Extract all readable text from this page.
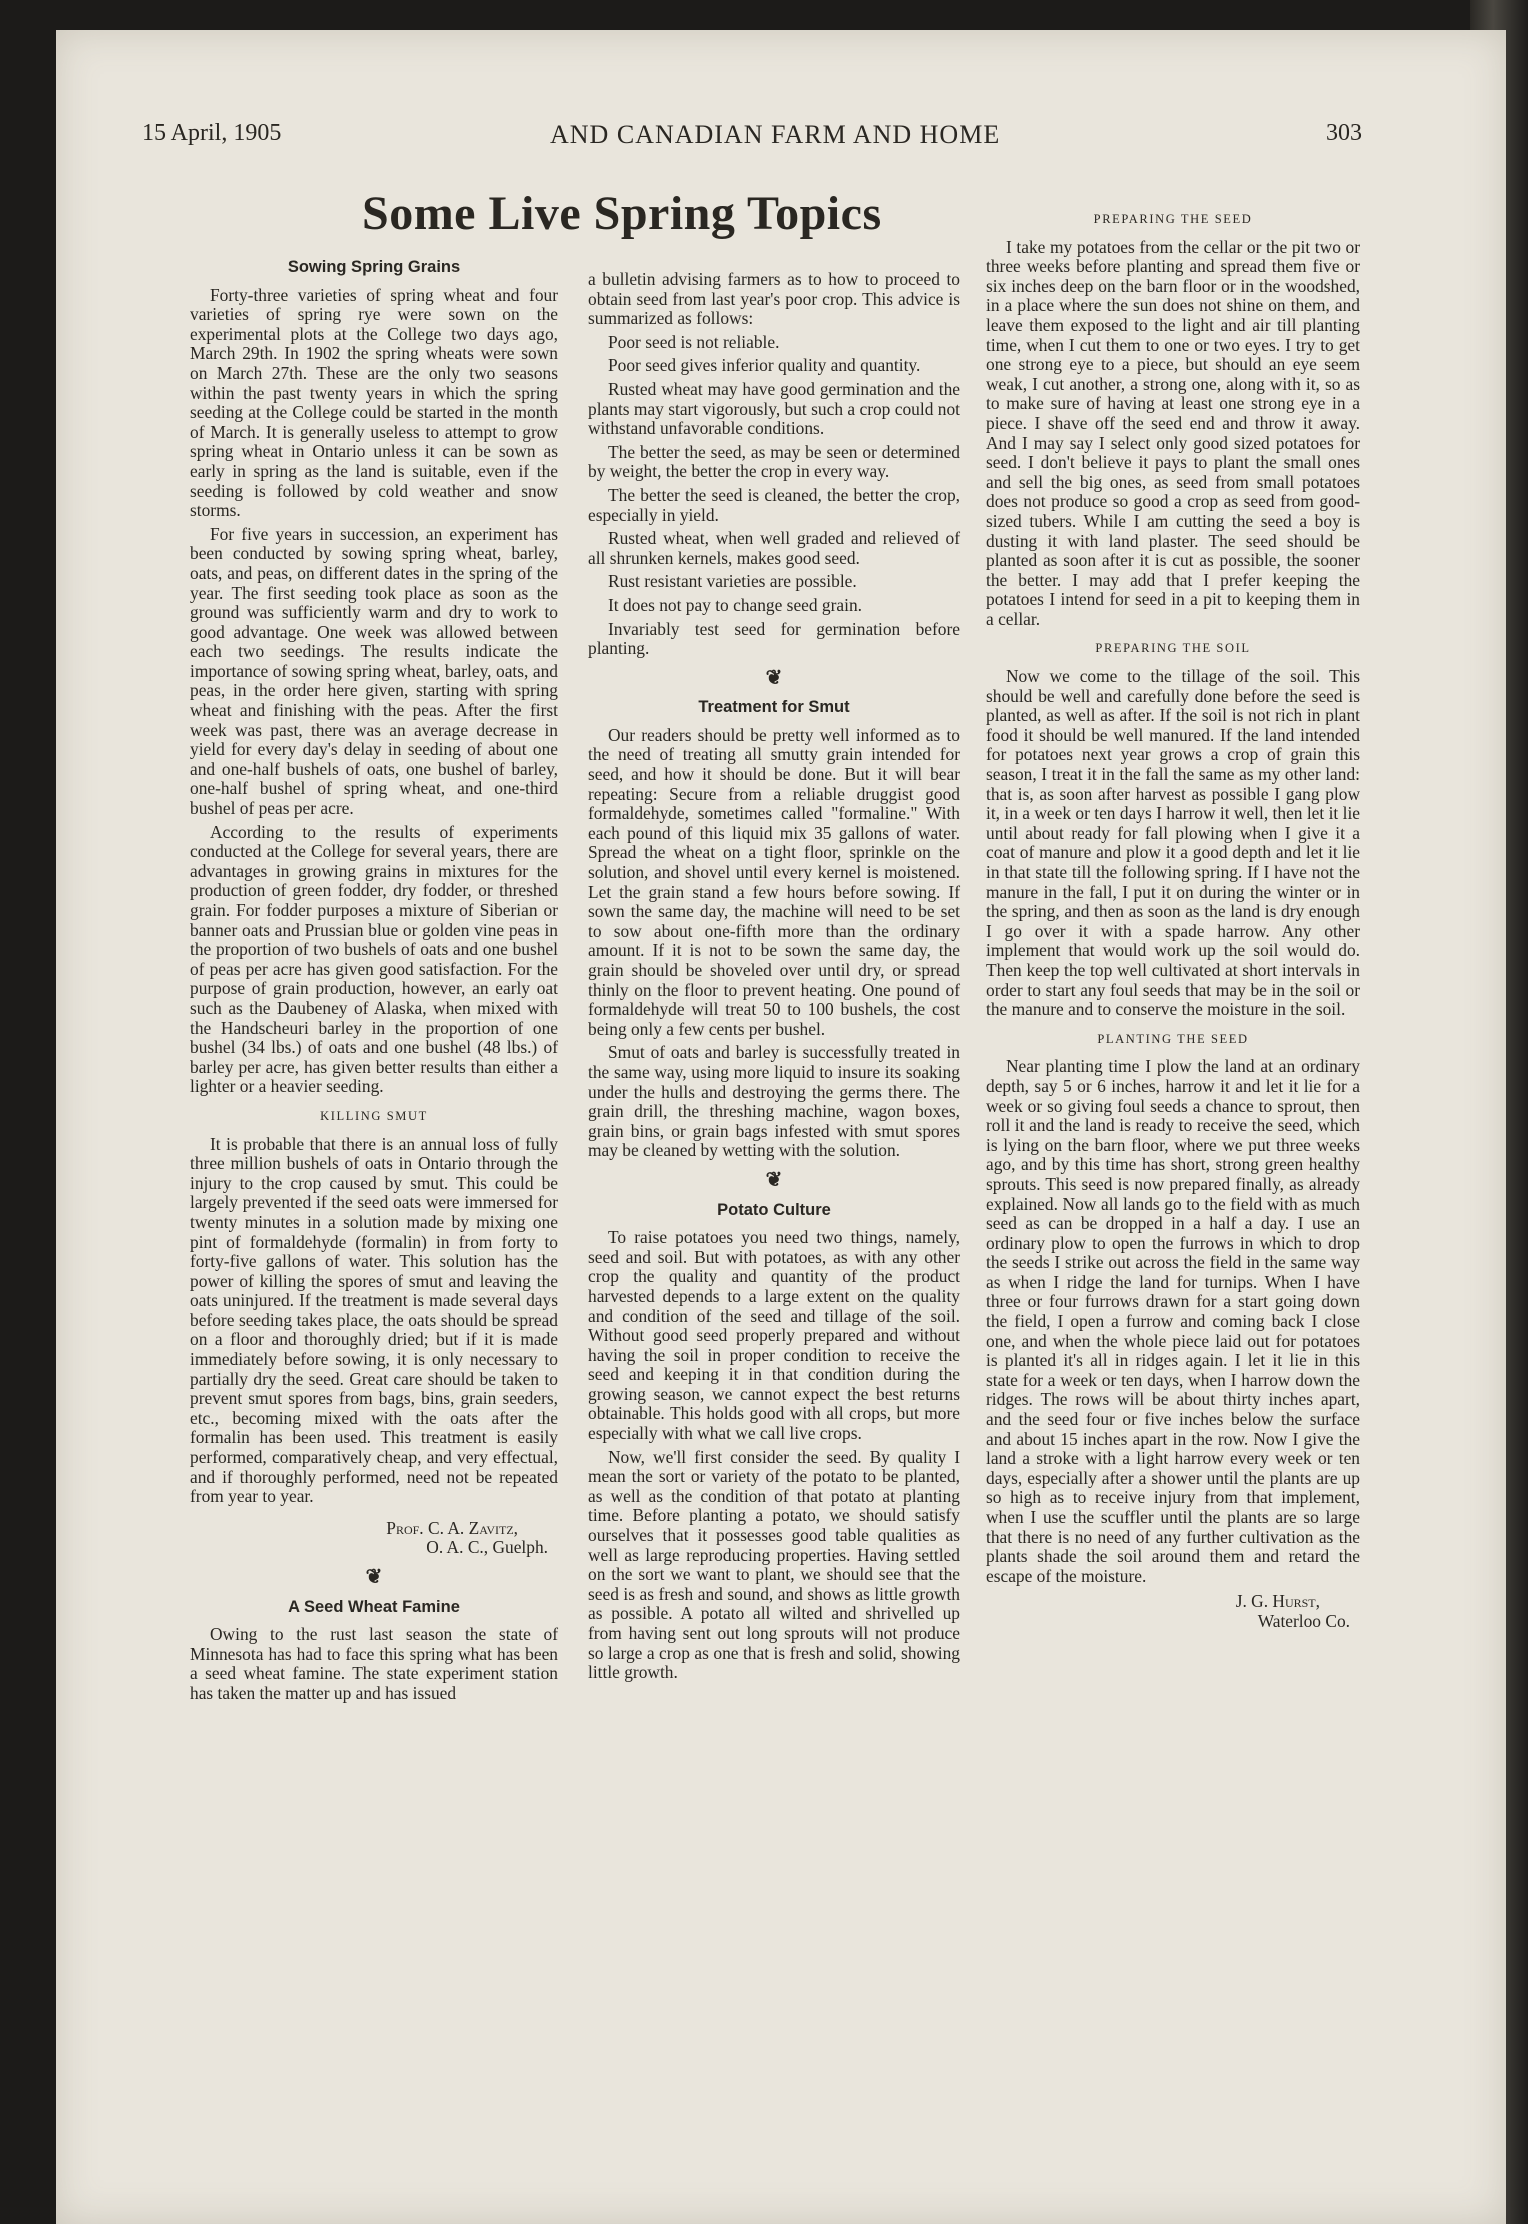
15 April, 1905	AND CANADIAN FARM AND HOME	303
Some Live Spring Topics
Sowing Spring Grains

Forty-three varieties of spring wheat and four varieties of spring rye were sown on the experimental plots at the College two days ago, March 29th. In 1902 the spring wheats were sown on March 27th. These are the only two seasons within the past twenty years in which the spring seeding at the College could be started in the month of March. It is generally useless to attempt to grow spring wheat in Ontario unless it can be sown as early in spring as the land is suitable, even if the seeding is followed by cold weather and snow storms.

For five years in succession, an experiment has been conducted by sowing spring wheat, barley, oats, and peas, on different dates in the spring of the year. The first seeding took place as soon as the ground was sufficiently warm and dry to work to good advantage. One week was allowed between each two seedings. The results indicate the importance of sowing spring wheat, barley, oats, and peas, in the order here given, starting with spring wheat and finishing with the peas. After the first week was past, there was an average decrease in yield for every day's delay in seeding of about one and one-half bushels of oats, one bushel of barley, one-half bushel of spring wheat, and one-third bushel of peas per acre.

According to the results of experiments conducted at the College for several years, there are advantages in growing grains in mixtures for the production of green fodder, dry fodder, or threshed grain. For fodder purposes a mixture of Siberian or banner oats and Prussian blue or golden vine peas in the proportion of two bushels of oats and one bushel of peas per acre has given good satisfaction. For the purpose of grain production, however, an early oat such as the Daubeney of Alaska, when mixed with the Handscheuri barley in the proportion of one bushel (34 lbs.) of oats and one bushel (48 lbs.) of barley per acre, has given better results than either a lighter or a heavier seeding.

KILLING SMUT

It is probable that there is an annual loss of fully three million bushels of oats in Ontario through the injury to the crop caused by smut. This could be largely prevented if the seed oats were immersed for twenty minutes in a solution made by mixing one pint of formaldehyde (formalin) in from forty to forty-five gallons of water. This solution has the power of killing the spores of smut and leaving the oats uninjured. If the treatment is made several days before seeding takes place, the oats should be spread on a floor and thoroughly dried; but if it is made immediately before sowing, it is only necessary to partially dry the seed. Great care should be taken to prevent smut spores from bags, bins, grain seeders, etc., becoming mixed with the oats after the formalin has been used. This treatment is easily performed, comparatively cheap, and very effectual, and if thoroughly performed, need not be repeated from year to year.

Prof. C. A. Zavitz,
O. A. C., Guelph.
❦
A Seed Wheat Famine

Owing to the rust last season the state of Minnesota has had to face this spring what has been a seed wheat famine. The state experiment station has taken the matter up and has issued

a bulletin advising farmers as to how to proceed to obtain seed from last year's poor crop. This advice is summarized as follows:

Poor seed is not reliable.

Poor seed gives inferior quality and quantity.

Rusted wheat may have good germination and the plants may start vigorously, but such a crop could not withstand unfavorable conditions.

The better the seed, as may be seen or determined by weight, the better the crop in every way.

The better the seed is cleaned, the better the crop, especially in yield.

Rusted wheat, when well graded and relieved of all shrunken kernels, makes good seed.

Rust resistant varieties are possible.

It does not pay to change seed grain.

Invariably test seed for germination before planting.

❦
Treatment for Smut

Our readers should be pretty well informed as to the need of treating all smutty grain intended for seed, and how it should be done. But it will bear repeating: Secure from a reliable druggist good formaldehyde, sometimes called "formaline." With each pound of this liquid mix 35 gallons of water. Spread the wheat on a tight floor, sprinkle on the solution, and shovel until every kernel is moistened. Let the grain stand a few hours before sowing. If sown the same day, the machine will need to be set to sow about one-fifth more than the ordinary amount. If it is not to be sown the same day, the grain should be shoveled over until dry, or spread thinly on the floor to prevent heating. One pound of formaldehyde will treat 50 to 100 bushels, the cost being only a few cents per bushel.

Smut of oats and barley is successfully treated in the same way, using more liquid to insure its soaking under the hulls and destroying the germs there. The grain drill, the threshing machine, wagon boxes, grain bins, or grain bags infested with smut spores may be cleaned by wetting with the solution.

❦
Potato Culture

To raise potatoes you need two things, namely, seed and soil. But with potatoes, as with any other crop the quality and quantity of the product harvested depends to a large extent on the quality and condition of the seed and tillage of the soil. Without good seed properly prepared and without having the soil in proper condition to receive the seed and keeping it in that condition during the growing season, we cannot expect the best returns obtainable. This holds good with all crops, but more especially with what we call live crops.

Now, we'll first consider the seed. By quality I mean the sort or variety of the potato to be planted, as well as the condition of that potato at planting time. Before planting a potato, we should satisfy ourselves that it possesses good table qualities as well as large reproducing properties. Having settled on the sort we want to plant, we should see that the seed is as fresh and sound, and shows as little growth as possible. A potato all wilted and shrivelled up from having sent out long sprouts will not produce so large a crop as one that is fresh and solid, showing little growth.

PREPARING THE SEED

I take my potatoes from the cellar or the pit two or three weeks before planting and spread them five or six inches deep on the barn floor or in the woodshed, in a place where the sun does not shine on them, and leave them exposed to the light and air till planting time, when I cut them to one or two eyes. I try to get one strong eye to a piece, but should an eye seem weak, I cut another, a strong one, along with it, so as to make sure of having at least one strong eye in a piece. I shave off the seed end and throw it away. And I may say I select only good sized potatoes for seed. I don't believe it pays to plant the small ones and sell the big ones, as seed from small potatoes does not produce so good a crop as seed from good-sized tubers. While I am cutting the seed a boy is dusting it with land plaster. The seed should be planted as soon after it is cut as possible, the sooner the better. I may add that I prefer keeping the potatoes I intend for seed in a pit to keeping them in a cellar.

PREPARING THE SOIL

Now we come to the tillage of the soil. This should be well and carefully done before the seed is planted, as well as after. If the soil is not rich in plant food it should be well manured. If the land intended for potatoes next year grows a crop of grain this season, I treat it in the fall the same as my other land: that is, as soon after harvest as possible I gang plow it, in a week or ten days I harrow it well, then let it lie until about ready for fall plowing when I give it a coat of manure and plow it a good depth and let it lie in that state till the following spring. If I have not the manure in the fall, I put it on during the winter or in the spring, and then as soon as the land is dry enough I go over it with a spade harrow. Any other implement that would work up the soil would do. Then keep the top well cultivated at short intervals in order to start any foul seeds that may be in the soil or the manure and to conserve the moisture in the soil.

PLANTING THE SEED

Near planting time I plow the land at an ordinary depth, say 5 or 6 inches, harrow it and let it lie for a week or so giving foul seeds a chance to sprout, then roll it and the land is ready to receive the seed, which is lying on the barn floor, where we put three weeks ago, and by this time has short, strong green healthy sprouts. This seed is now prepared finally, as already explained. Now all lands go to the field with as much seed as can be dropped in a half a day. I use an ordinary plow to open the furrows in which to drop the seeds I strike out across the field in the same way as when I ridge the land for turnips. When I have three or four furrows drawn for a start going down the field, I open a furrow and coming back I close one, and when the whole piece laid out for potatoes is planted it's all in ridges again. I let it lie in this state for a week or ten days, when I harrow down the ridges. The rows will be about thirty inches apart, and the seed four or five inches below the surface and about 15 inches apart in the row. Now I give the land a stroke with a light harrow every week or ten days, especially after a shower until the plants are up so high as to receive injury from that implement, when I use the scuffler until the plants are so large that there is no need of any further cultivation as the plants shade the soil around them and retard the escape of the moisture.

J. G. Hurst,
Waterloo Co.
